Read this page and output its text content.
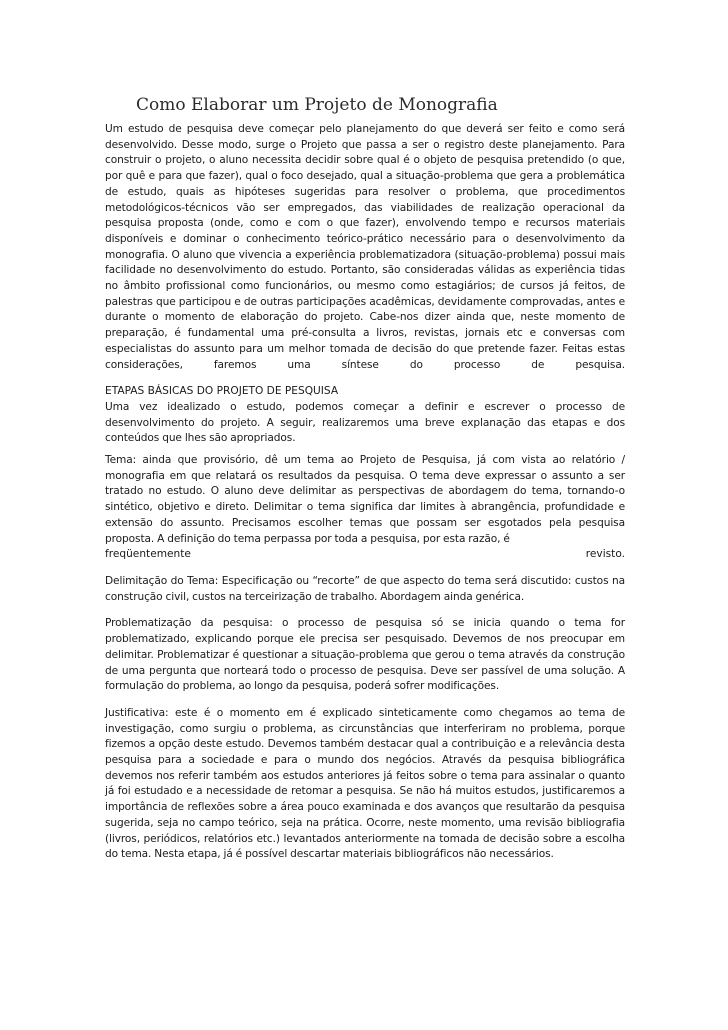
Como Elaborar um Projeto de Monografia

Um estudo de pesquisa deve começar pelo planejamento do que deverá ser feito e como será desenvolvido. Desse modo, surge o Projeto que passa a ser o registro deste planejamento. Para construir o projeto, o aluno necessita decidir sobre qual é o objeto de pesquisa pretendido (o que, por quê e para que fazer), qual o foco desejado, qual a situação-problema que gera a problemática de estudo, quais as hipóteses sugeridas para resolver o problema, que procedimentos metodológicos-técnicos vão ser empregados, das viabilidades de realização operacional da pesquisa proposta (onde, como e com o que fazer), envolvendo tempo e recursos materiais disponíveis e dominar o conhecimento teórico-prático necessário para o desenvolvimento da monografia. O aluno que vivencia a experiência problematizadora (situação-problema) possui mais facilidade no desenvolvimento do estudo. Portanto, são consideradas válidas as experiência tidas no âmbito profissional como funcionários, ou mesmo como estagiários; de cursos já feitos, de palestras que participou e de outras participações acadêmicas, devidamente comprovadas, antes e durante o momento de elaboração do projeto. Cabe-nos dizer ainda que, neste momento de preparação, é fundamental uma pré-consulta a livros, revistas, jornais etc e conversas com especialistas do assunto para um melhor tomada de decisão do que pretende fazer. Feitas estas considerações, faremos uma síntese do processo de pesquisa.

ETAPAS BÁSICAS DO PROJETO DE PESQUISA

Uma vez idealizado o estudo, podemos começar a definir e escrever o processo de desenvolvimento do projeto. A seguir, realizaremos uma breve explanação das etapas e dos conteúdos que lhes são apropriados.

Tema: ainda que provisório, dê um tema ao Projeto de Pesquisa, já com vista ao relatório / monografia em que relatará os resultados da pesquisa. O tema deve expressar o assunto a ser tratado no estudo. O aluno deve delimitar as perspectivas de abordagem do tema, tornando-o sintético, objetivo e direto. Delimitar o tema significa dar limites à abrangência, profundidade e extensão do assunto. Precisamos escolher temas que possam ser esgotados pela pesquisa proposta. A definição do tema perpassa por toda a pesquisa, por esta razão, é

freqüentemente	revisto.

Delimitação do Tema: Especificação ou “recorte” de que aspecto do tema será discutido: custos na construção civil, custos na terceirização de trabalho. Abordagem ainda genérica.

Problematização da pesquisa: o processo de pesquisa só se inicia quando o tema for problematizado, explicando porque ele precisa ser pesquisado. Devemos de nos preocupar em delimitar. Problematizar é questionar a situação-problema que gerou o tema através da construção de uma pergunta que norteará todo o processo de pesquisa. Deve ser passível de uma solução. A formulação do problema, ao longo da pesquisa, poderá sofrer modificações.

Justificativa: este é o momento em é explicado sinteticamente como chegamos ao tema de investigação, como surgiu o problema, as circunstâncias que interferiram no problema, porque fizemos a opção deste estudo. Devemos também destacar qual a contribuição e a relevância desta pesquisa para a sociedade e para o mundo dos negócios. Através da pesquisa bibliográfica devemos nos referir também aos estudos anteriores já feitos sobre o tema para assinalar o quanto já foi estudado e a necessidade de retomar a pesquisa. Se não há muitos estudos, justificaremos a importância de reflexões sobre a área pouco examinada e dos avanços que resultarão da pesquisa sugerida, seja no campo teórico, seja na prática. Ocorre, neste momento, uma revisão bibliografia (livros, periódicos, relatórios etc.) levantados anteriormente na tomada de decisão sobre a escolha do tema. Nesta etapa, já é possível descartar materiais bibliográficos não necessários.
